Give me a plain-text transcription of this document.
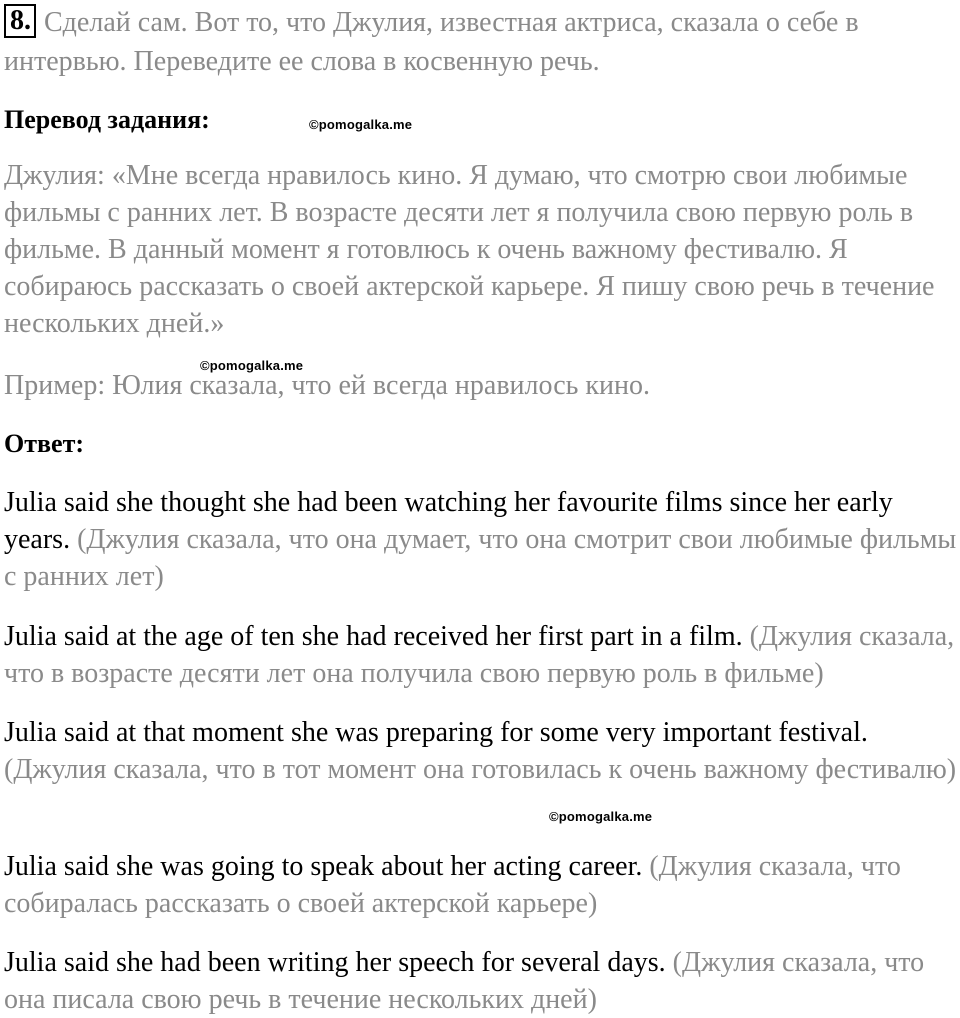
8. Сделай сам. Вот то, что Джулия, известная актриса, сказала о себе в интервью. Переведите ее слова в косвенную речь.
Перевод задания:	©pomogalka.me
Джулия: «Мне всегда нравилось кино. Я думаю, что смотрю свои любимые фильмы с ранних лет. В возрасте десяти лет я получила свою первую роль в фильме. В данный момент я готовлюсь к очень важному фестивалю. Я собираюсь рассказать о своей актерской карьере. Я пишу свою речь в течение нескольких дней.»
©pomogalka.me
Пример: Юлия сказала, что ей всегда нравилось кино.
Ответ:
Julia said she thought she had been watching her favourite films since her early years. (Джулия сказала, что она думает, что она смотрит свои любимые фильмы с ранних лет)
Julia said at the age of ten she had received her first part in a film. (Джулия сказала, что в возрасте десяти лет она получила свою первую роль в фильме)
Julia said at that moment she was preparing for some very important festival. (Джулия сказала, что в тот момент она готовилась к очень важному фестивалю)
©pomogalka.me
Julia said she was going to speak about her acting career. (Джулия сказала, что собиралась рассказать о своей актерской карьере)
Julia said she had been writing her speech for several days. (Джулия сказала, что она писала свою речь в течение нескольких дней)
